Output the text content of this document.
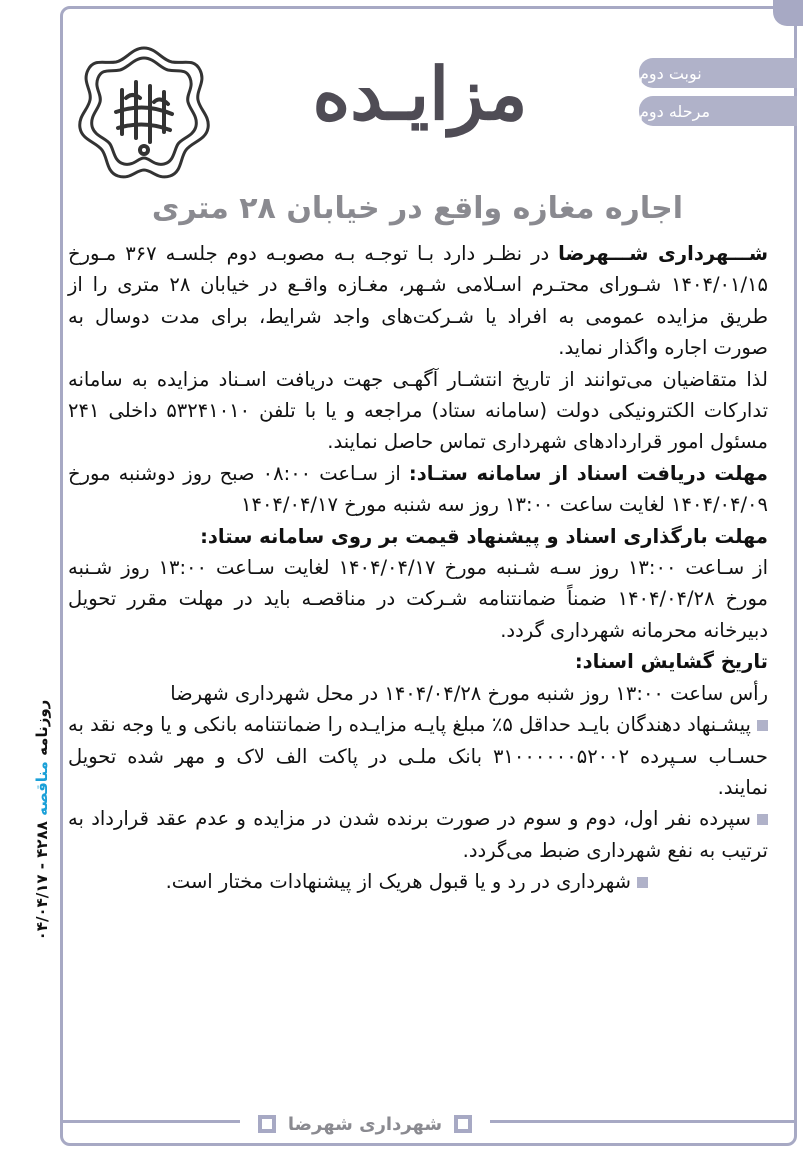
نوبت دوم
مرحله دوم
شهرداری شهرضا
مزایـده
اجاره مغازه واقع در خیابان ۲۸ متری

شـــهرداری شـــهرضا در نظـر دارد بـا توجـه بـه مصوبـه دوم جلسـه ۳۶۷ مـورخ ۱۴۰۴/۰۱/۱۵ شـورای محتـرم اسـلامی شـهر، مغـازه واقـع در خیابان ۲۸ متری را از طریق مزایده عمومی به افراد یا شـرکت‌های واجد شرایط، برای مدت دوسال به صورت اجاره واگذار نماید.

لذا متقاضیان می‌توانند از تاریخ انتشـار آگهـی جهت دریافت اسـناد مزایده به سامانه تدارکات الکترونیکی دولت (سامانه ستاد) مراجعه و یا با تلفن ۵۳۲۴۱۰۱۰ داخلی ۲۴۱ مسئول امور قراردادهای شهرداری تماس حاصل نمایند.

مهلت دریافت اسناد از سامانه ستـاد: از سـاعت ۰۸:۰۰ صبح روز دوشنبه مورخ ۱۴۰۴/۰۴/۰۹ لغایت ساعت ۱۳:۰۰ روز سه شنبه مورخ ۱۴۰۴/۰۴/۱۷

مهلت بارگذاری اسناد و پیشنهاد قیمت بر روی سامانه ستاد:

از سـاعت ۱۳:۰۰ روز سـه شـنبه مورخ ۱۴۰۴/۰۴/۱۷ لغایت سـاعت ۱۳:۰۰ روز شـنبه مورخ ۱۴۰۴/۰۴/۲۸ ضمناً ضمانتنامه شـرکت در مناقصـه باید در مهلت مقرر تحویل دبیرخانه محرمانه شهرداری گردد.

تاریخ گشایش اسناد:

رأس ساعت ۱۳:۰۰ روز شنبه مورخ ۱۴۰۴/۰۴/۲۸ در محل شهرداری شهرضا

پیشـنهاد دهندگان بایـد حداقل ۵٪ مبلغ پایـه مزایـده را ضمانتنامه بانکی و یا وجه نقد به حسـاب سـپرده ۳۱۰۰۰۰۰۰۵۲۰۰۲ بانک ملـی در پاکت الف لاک و مهر شده تحویل نمایند.

سپرده نفر اول، دوم و سوم در صورت برنده شدن در مزایده و عدم عقد قرارداد به ترتیب به نفع شهرداری ضبط می‌گردد.

شهرداری در رد و یا قبول هریک از پیشنهادات مختار است.

روزنامه مناقصه ۴۲۸۸ - ۰۴/۰۴/۱۷
شهرداری شهرضا
